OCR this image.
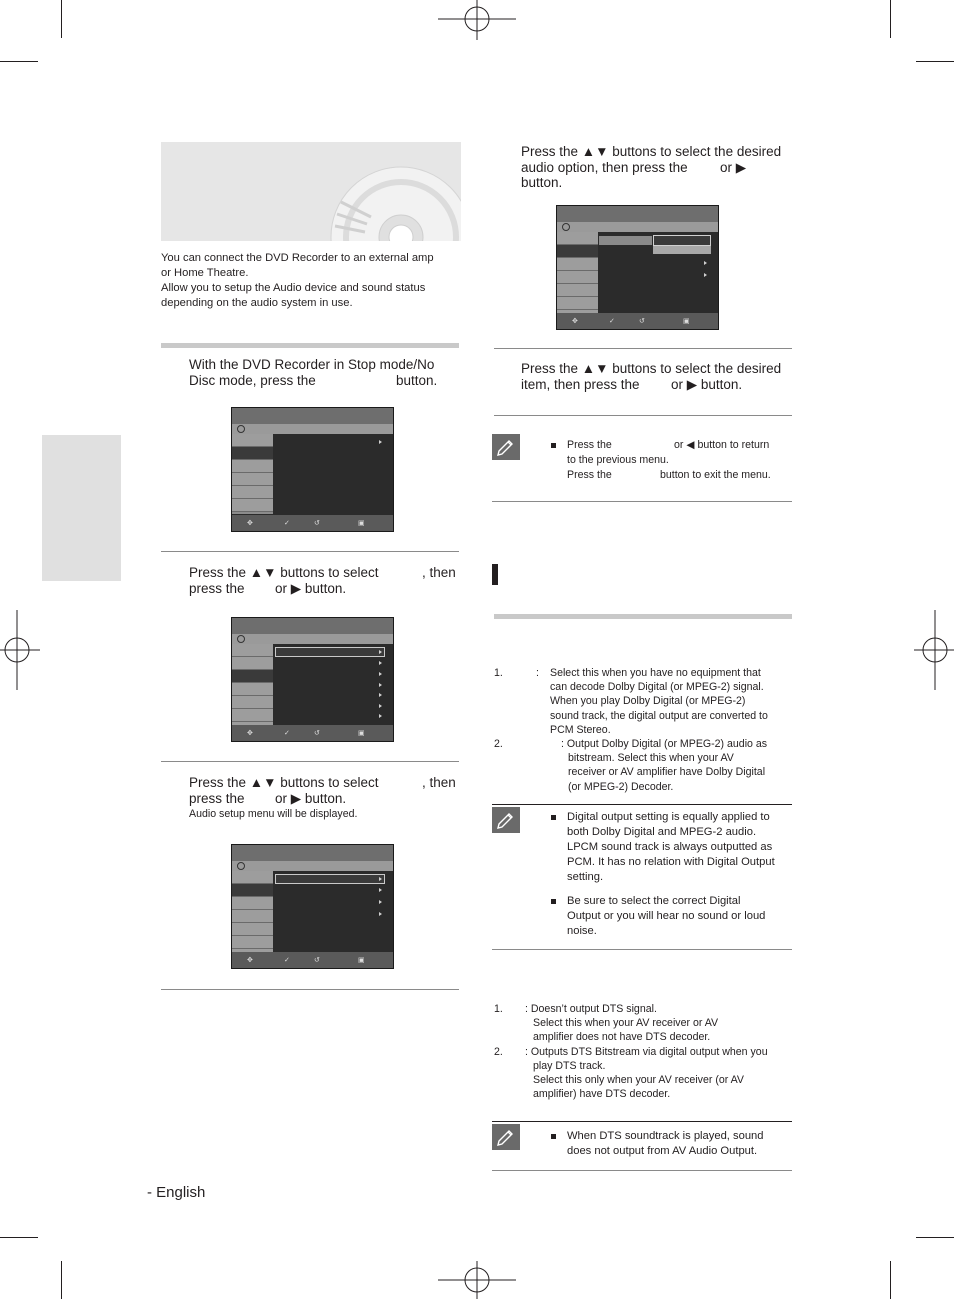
You can connect the DVD Recorder to an external amp
or Home Theatre.
Allow you to setup the Audio device and sound status
depending on the audio system in use.
With the DVD Recorder in Stop mode/No
Disc mode, press the	button.
✥	✓	↺	▣
Press the ▲▼ buttons to select	, then
press the or ▶ button.
✥	✓	↺	▣
Press the ▲▼ buttons to select	, then
press the or ▶ button.
Audio setup menu will be displayed.
✥	✓	↺	▣
Press the ▲▼ buttons to select the desired
audio option, then press the or ▶
button.
✥	✓	↺	▣
Press the ▲▼ buttons to select the desired
item, then press the or ▶ button.
Press the	or ◀ button to return
to the previous menu.
Press the	button to exit the menu.
1.	: Select this when you have no equipment that
can decode Dolby Digital (or MPEG-2) signal.
When you play Dolby Digital (or MPEG-2)
sound track, the digital output are converted to
PCM Stereo.
2.	: Output Dolby Digital (or MPEG-2) audio as
bitstream. Select this when your AV
receiver or AV amplifier have Dolby Digital
(or MPEG-2) Decoder.
Digital output setting is equally applied to
both Dolby Digital and MPEG-2 audio.
LPCM sound track is always outputted as
PCM. It has no relation with Digital Output
setting.
Be sure to select the correct Digital
Output or you will hear no sound or loud
noise.
1. : Doesn’t output DTS signal.
Select this when your AV receiver or AV
amplifier does not have DTS decoder.
2. : Outputs DTS Bitstream via digital output when you
play DTS track.
Select this only when your AV receiver (or AV
amplifier) have DTS decoder.
When DTS soundtrack is played, sound
does not output from AV Audio Output.
- English
